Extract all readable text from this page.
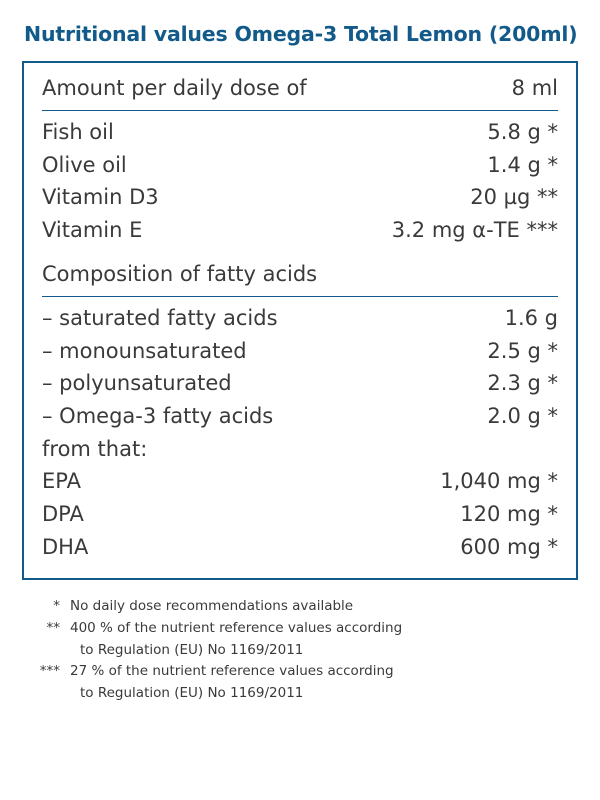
Nutritional values Omega-3 Total Lemon (200ml)
Amount per daily dose of	8 ml
Fish oil	5.8 g *
Olive oil	1.4 g *
Vitamin D3	20 µg **
Vitamin E	3.2 mg α-TE ***
Composition of fatty acids	
– saturated fatty acids	1.6 g
– monounsaturated	2.5 g *
– polyunsaturated	2.3 g *
– Omega-3 fatty acids	2.0 g *
from that:	
EPA	1,040 mg *
DPA	120 mg *
DHA	600 mg *
* No daily dose recommendations available
** 400 % of the nutrient reference values according
to Regulation (EU) No 1169/2011
*** 27 % of the nutrient reference values according
to Regulation (EU) No 1169/2011
